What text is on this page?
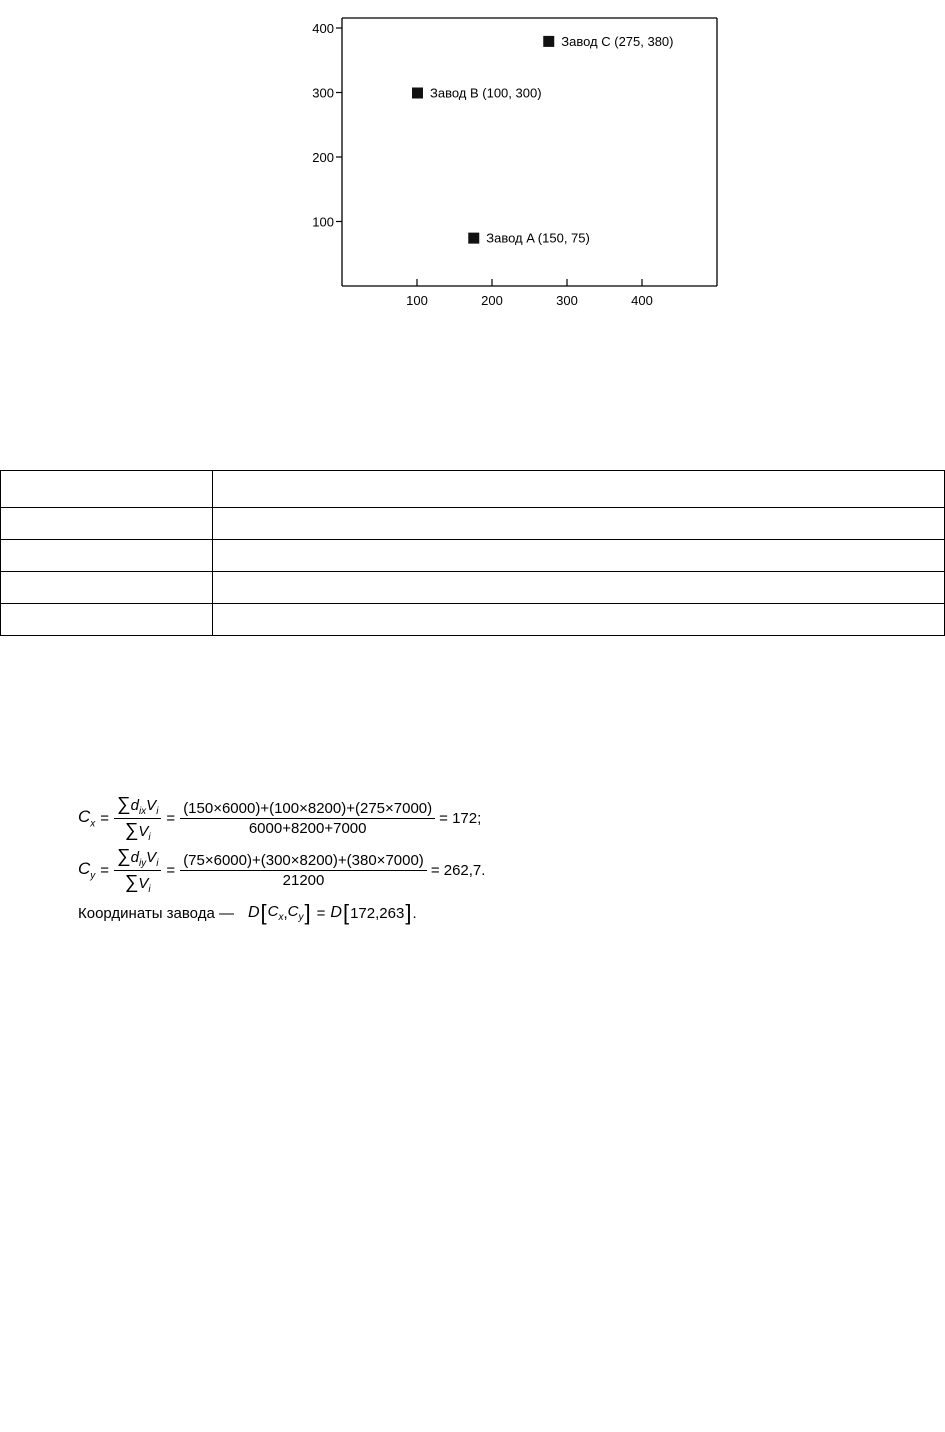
100	200	300	400
100
200
300
400
Завод A (150, 75)
Завод B (100, 300)
Завод C (275, 380)

$C_x = \frac{\sum d_{ix}V_i}{\sum V_i} = \frac{(150\times 6000)+(100\times 8200)+(275\times 7000)}{6000+8200+7000} = 172$;
$C_y = \frac{\sum d_{iy}V_i}{\sum V_i} = \frac{(75\times 6000)+(300\times 8200)+(380\times 7000)}{21200} = 262,7$.
Координаты завода — D [ $C_x$ , $C_y$ ] = D [ 172,263 ] .
